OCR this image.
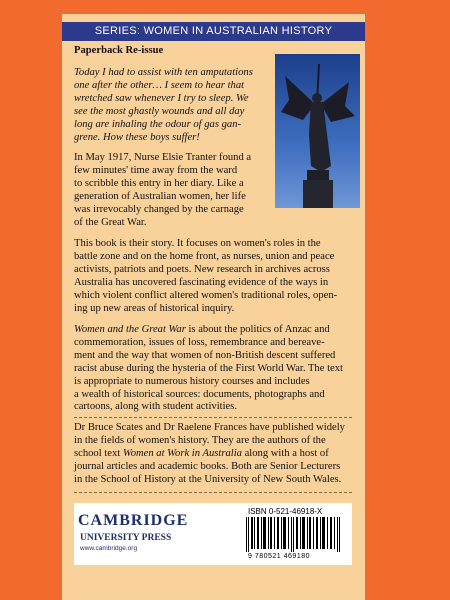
SERIES: WOMEN IN AUSTRALIAN HISTORY
Paperback Re-issue
Today I had to assist with ten amputations
one after the other… I seem to hear that
wretched saw whenever I try to sleep. We
see the most ghastly wounds and all day
long are inhaling the odour of gas gan-
grene. How these boys suffer!
In May 1917, Nurse Elsie Tranter found a
few minutes' time away from the ward
to scribble this entry in her diary. Like a
generation of Australian women, her life
was irrevocably changed by the carnage
of the Great War.
This book is their story. It focuses on women's roles in the
battle zone and on the home front, as nurses, union and peace
activists, patriots and poets. New research in archives across
Australia has uncovered fascinating evidence of the ways in
which violent conflict altered women's traditional roles, open-
ing up new areas of historical inquiry.
Women and the Great War is about the politics of Anzac and
commemoration, issues of loss, remembrance and bereave-
ment and the way that women of non-British descent suffered
racist abuse during the hysteria of the First World War. The text
is appropriate to numerous history courses and includes
a wealth of historical sources: documents, photographs and
cartoons, along with student activities.
Dr Bruce Scates and Dr Raelene Frances have published widely
in the fields of women's history. They are the authors of the
school text Women at Work in Australia along with a host of
journal articles and academic books. Both are Senior Lecturers
in the School of History at the University of New South Wales.
CAMBRIDGE
UNIVERSITY PRESS
www.cambridge.org
ISBN 0-521-46918-X
9 780521 469180
